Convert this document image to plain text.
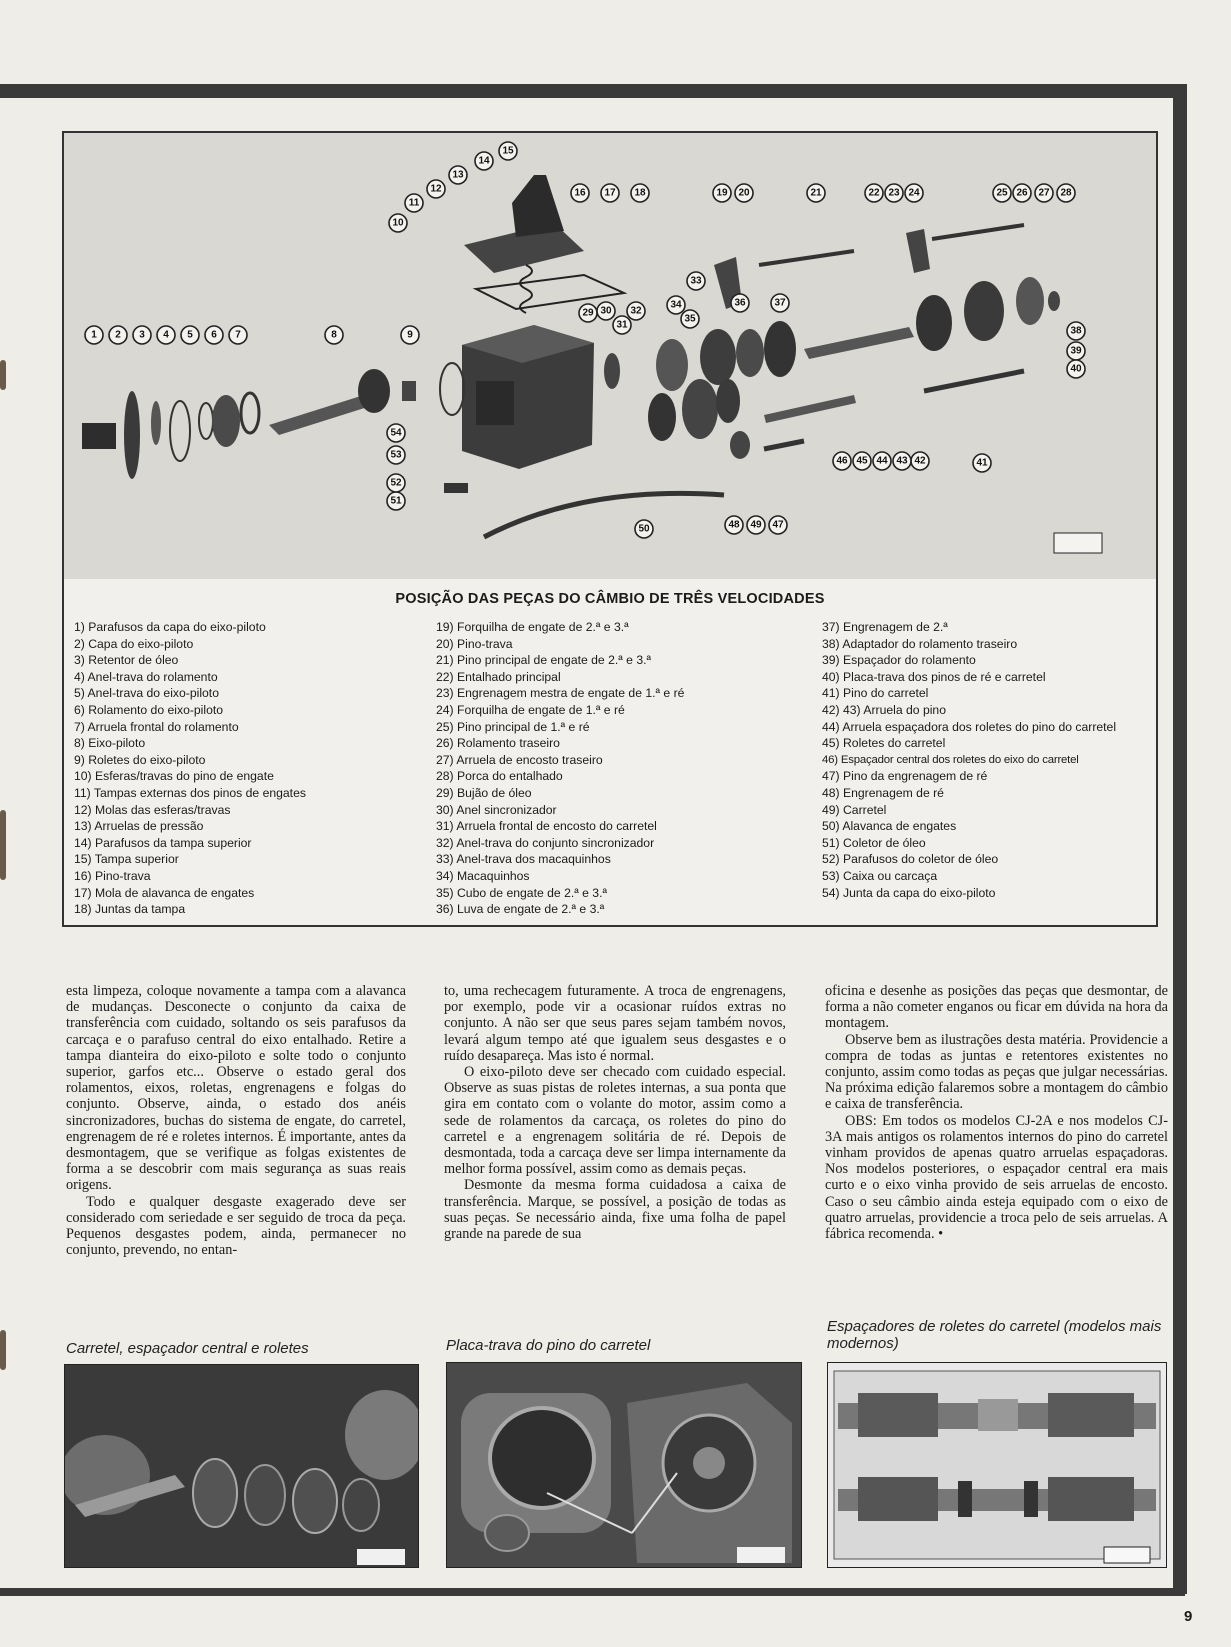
1 2 3 4 5 6 7	8	9
10
11
12
13
14
15
16 17 18	19 20	21	22 23 24	25 26 27 28
29 30
31
32
33
34
35
36	37
38
39
40
41
42
43
44
45
46
47
48 49
50
51
52
53
54
POSIÇÃO DAS PEÇAS DO CÂMBIO DE TRÊS VELOCIDADES
1) Parafusos da capa do eixo-piloto
2) Capa do eixo-piloto
3) Retentor de óleo
4) Anel-trava do rolamento
5) Anel-trava do eixo-piloto
6) Rolamento do eixo-piloto
7) Arruela frontal do rolamento
8) Eixo-piloto
9) Roletes do eixo-piloto
10) Esferas/travas do pino de engate
11) Tampas externas dos pinos de engates
12) Molas das esferas/travas
13) Arruelas de pressão
14) Parafusos da tampa superior
15) Tampa superior
16) Pino-trava
17) Mola de alavanca de engates
18) Juntas da tampa
19) Forquilha de engate de 2.ª e 3.ª
20) Pino-trava
21) Pino principal de engate de 2.ª e 3.ª
22) Entalhado principal
23) Engrenagem mestra de engate de 1.ª e ré
24) Forquilha de engate de 1.ª e ré
25) Pino principal de 1.ª e ré
26) Rolamento traseiro
27) Arruela de encosto traseiro
28) Porca do entalhado
29) Bujão de óleo
30) Anel sincronizador
31) Arruela frontal de encosto do carretel
32) Anel-trava do conjunto sincronizador
33) Anel-trava dos macaquinhos
34) Macaquinhos
35) Cubo de engate de 2.ª e 3.ª
36) Luva de engate de 2.ª e 3.ª
37) Engrenagem de 2.ª
38) Adaptador do rolamento traseiro
39) Espaçador do rolamento
40) Placa-trava dos pinos de ré e carretel
41) Pino do carretel
42) 43) Arruela do pino
44) Arruela espaçadora dos roletes do pino do carretel
45) Roletes do carretel
46) Espaçador central dos roletes do eixo do carretel
47) Pino da engrenagem de ré
48) Engrenagem de ré
49) Carretel
50) Alavanca de engates
51) Coletor de óleo
52) Parafusos do coletor de óleo
53) Caixa ou carcaça
54) Junta da capa do eixo-piloto

esta limpeza, coloque novamente a tampa com a alavanca de mudanças. Desconecte o conjunto da caixa de transferência com cuidado, soltando os seis parafusos da carcaça e o parafuso central do eixo entalhado. Retire a tampa dianteira do eixo-piloto e solte todo o conjunto superior, garfos etc... Observe o estado geral dos rolamentos, eixos, roletas, engrenagens e folgas do conjunto. Observe, ainda, o estado dos anéis sincronizadores, buchas do sistema de engate, do carretel, engrenagem de ré e roletes internos. É importante, antes da desmontagem, que se verifique as folgas existentes de forma a se descobrir com mais segurança as suas reais origens.

Todo e qualquer desgaste exagerado deve ser considerado com seriedade e ser seguido de troca da peça. Pequenos desgastes podem, ainda, permanecer no conjunto, prevendo, no entan-

to, uma rechecagem futuramente. A troca de engrenagens, por exemplo, pode vir a ocasionar ruídos extras no conjunto. A não ser que seus pares sejam também novos, levará algum tempo até que igualem seus desgastes e o ruído desapareça. Mas isto é normal.

O eixo-piloto deve ser checado com cuidado especial. Observe as suas pistas de roletes internas, a sua ponta que gira em contato com o volante do motor, assim como a sede de rolamentos da carcaça, os roletes do pino do carretel e a engrenagem solitária de ré. Depois de desmontada, toda a carcaça deve ser limpa internamente da melhor forma possível, assim como as demais peças.

Desmonte da mesma forma cuidadosa a caixa de transferência. Marque, se possível, a posição de todas as suas peças. Se necessário ainda, fixe uma folha de papel grande na parede de sua

oficina e desenhe as posições das peças que desmontar, de forma a não cometer enganos ou ficar em dúvida na hora da montagem.

Observe bem as ilustrações desta matéria. Providencie a compra de todas as juntas e retentores existentes no conjunto, assim como todas as peças que julgar necessárias. Na próxima edição falaremos sobre a montagem do câmbio e caixa de transferência.

OBS: Em todos os modelos CJ-2A e nos modelos CJ-3A mais antigos os rolamentos internos do pino do carretel vinham providos de apenas quatro arruelas espaçadoras. Nos modelos posteriores, o espaçador central era mais curto e o eixo vinha provido de seis arruelas de encosto. Caso o seu câmbio ainda esteja equipado com o eixo de quatro arruelas, providencie a troca pelo de seis arruelas. A fábrica recomenda. •

Carretel, espaçador central e roletes	Placa-trava do pino do carretel
Espaçadores de roletes do carretel (modelos mais modernos)
9
